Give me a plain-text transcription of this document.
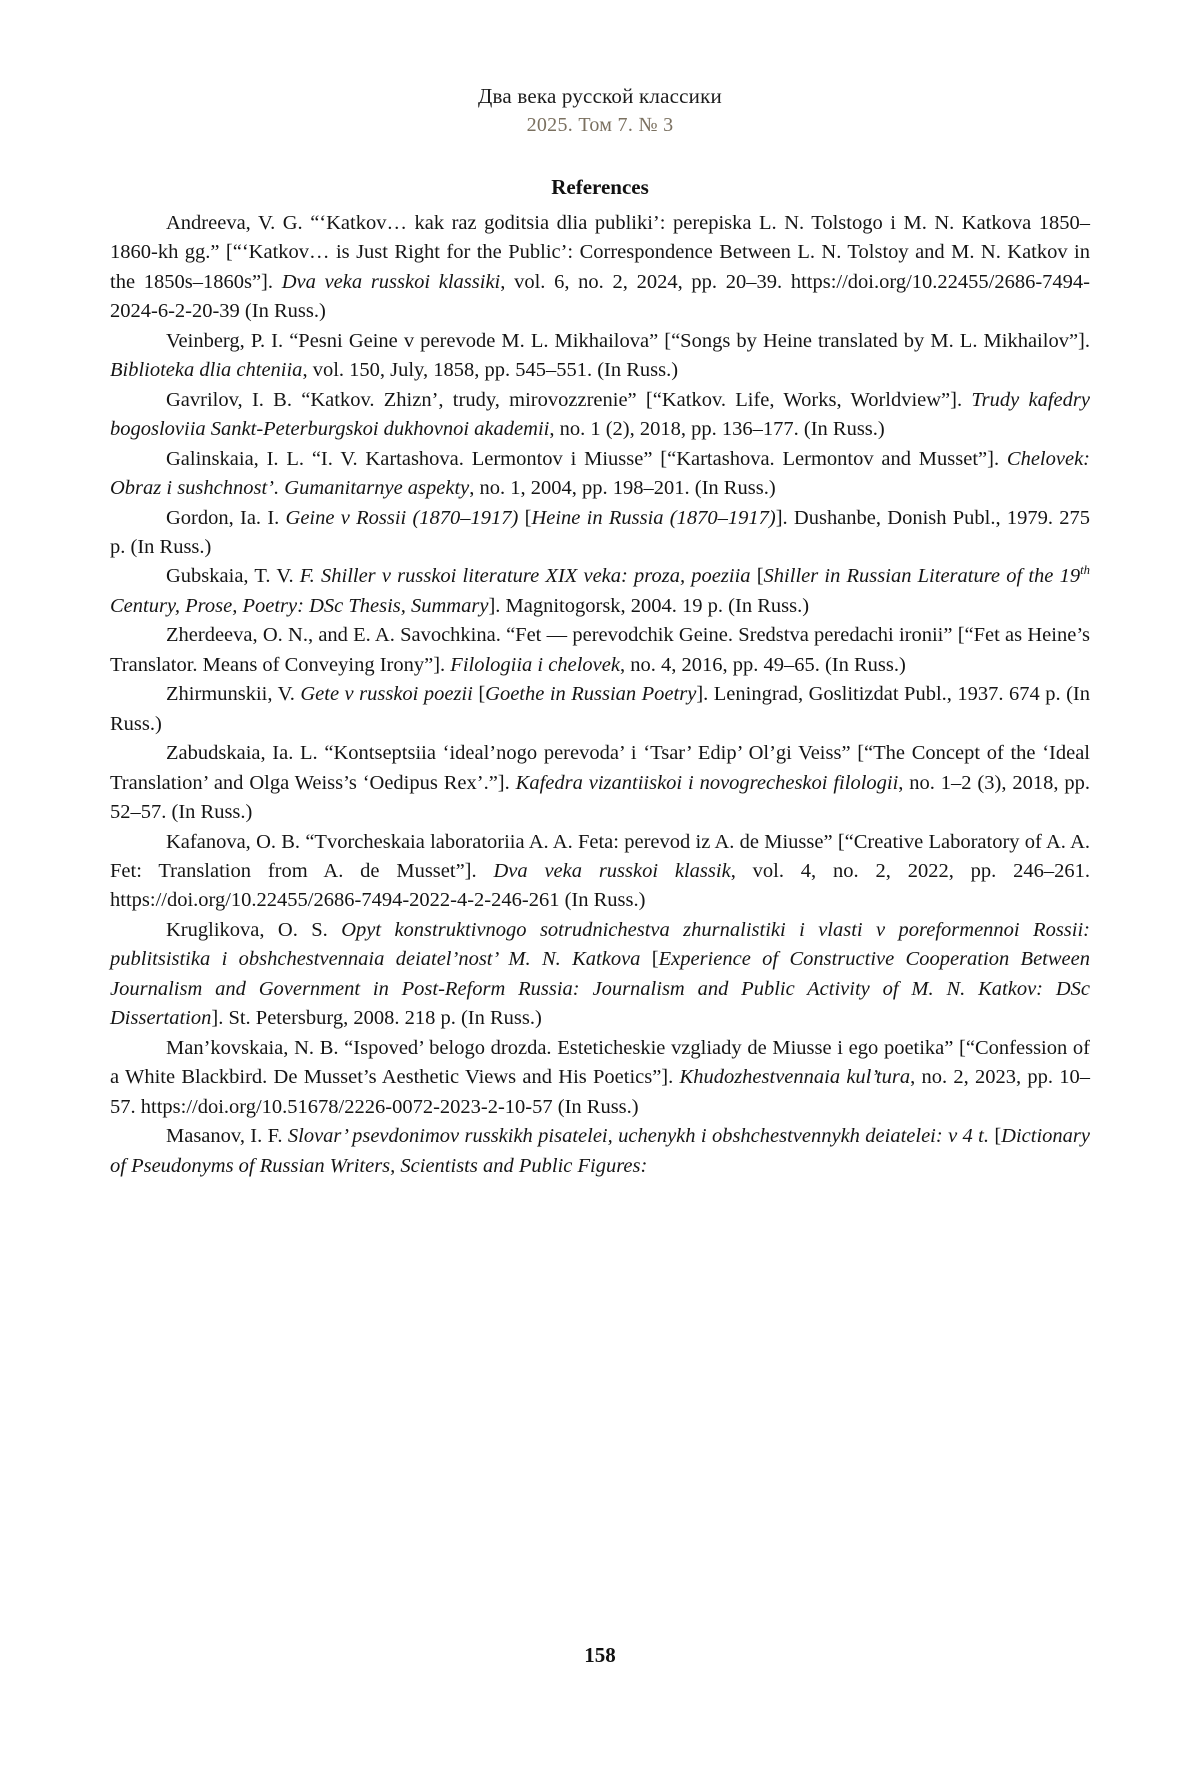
Два века русской классики
2025. Том 7. № 3
References

Andreeva, V. G. “‘Katkov… kak raz goditsia dlia publiki’: perepiska L. N. Tolstogo i M. N. Katkova 1850–1860-kh gg.” [“‘Katkov… is Just Right for the Public’: Correspondence Between L. N. Tolstoy and M. N. Katkov in the 1850s–1860s”]. Dva veka russkoi klassiki, vol. 6, no. 2, 2024, pp. 20–39. https://doi.org/10.22455/2686-7494-2024-6-2-20-39 (In Russ.)

Veinberg, P. I. “Pesni Geine v perevode M. L. Mikhailova” [“Songs by Heine translated by M. L. Mikhailov”]. Biblioteka dlia chteniia, vol. 150, July, 1858, pp. 545–551. (In Russ.)

Gavrilov, I. B. “Katkov. Zhizn’, trudy, mirovozzrenie” [“Katkov. Life, Works, Worldview”]. Trudy kafedry bogosloviia Sankt-Peterburgskoi dukhovnoi akademii, no. 1 (2), 2018, pp. 136–177. (In Russ.)

Galinskaia, I. L. “I. V. Kartashova. Lermontov i Miusse” [“Kartashova. Lermontov and Musset”]. Chelovek: Obraz i sushchnost’. Gumanitarnye aspekty, no. 1, 2004, pp. 198–201. (In Russ.)

Gordon, Ia. I. Geine v Rossii (1870–1917) [Heine in Russia (1870–1917)]. Dushanbe, Donish Publ., 1979. 275 p. (In Russ.)

Gubskaia, T. V. F. Shiller v russkoi literature XIX veka: proza, poeziia [Shiller in Russian Literature of the 19th Century, Prose, Poetry: DSc Thesis, Summary]. Magnitogorsk, 2004. 19 p. (In Russ.)

Zherdeeva, O. N., and E. A. Savochkina. “Fet — perevodchik Geine. Sredstva peredachi ironii” [“Fet as Heine’s Translator. Means of Conveying Irony”]. Filologiia i chelovek, no. 4, 2016, pp. 49–65. (In Russ.)

Zhirmunskii, V. Gete v russkoi poezii [Goethe in Russian Poetry]. Leningrad, Goslitizdat Publ., 1937. 674 p. (In Russ.)

Zabudskaia, Ia. L. “Kontseptsiia ‘ideal’nogo perevoda’ i ‘Tsar’ Edip’ Ol’gi Veiss” [“The Concept of the ‘Ideal Translation’ and Olga Weiss’s ‘Oedipus Rex’.”]. Kafedra vizantiiskoi i novogrecheskoi filologii, no. 1–2 (3), 2018, pp. 52–57. (In Russ.)

Kafanova, O. B. “Tvorcheskaia laboratoriia A. A. Feta: perevod iz A. de Miusse” [“Creative Laboratory of A. A. Fet: Translation from A. de Musset”]. Dva veka russkoi klassik, vol. 4, no. 2, 2022, pp. 246–261. https://doi.org/10.22455/2686-7494-2022-4-2-246-261 (In Russ.)

Kruglikova, O. S. Opyt konstruktivnogo sotrudnichestva zhurnalistiki i vlasti v poreformennoi Rossii: publitsistika i obshchestvennaia deiatel’nost’ M. N. Katkova [Experience of Constructive Cooperation Between Journalism and Government in Post-Reform Russia: Journalism and Public Activity of M. N. Katkov: DSc Dissertation]. St. Petersburg, 2008. 218 p. (In Russ.)

Man’kovskaia, N. B. “Ispoved’ belogo drozda. Esteticheskie vzgliady de Miusse i ego poetika” [“Confession of a White Blackbird. De Musset’s Aesthetic Views and His Poetics”]. Khudozhestvennaia kul’tura, no. 2, 2023, pp. 10–57. https://doi.org/10.51678/2226-0072-2023-2-10-57 (In Russ.)

Masanov, I. F. Slovar’ psevdonimov russkikh pisatelei, uchenykh i obshchestvennykh deiatelei: v 4 t. [Dictionary of Pseudonyms of Russian Writers, Scientists and Public Figures:

158
